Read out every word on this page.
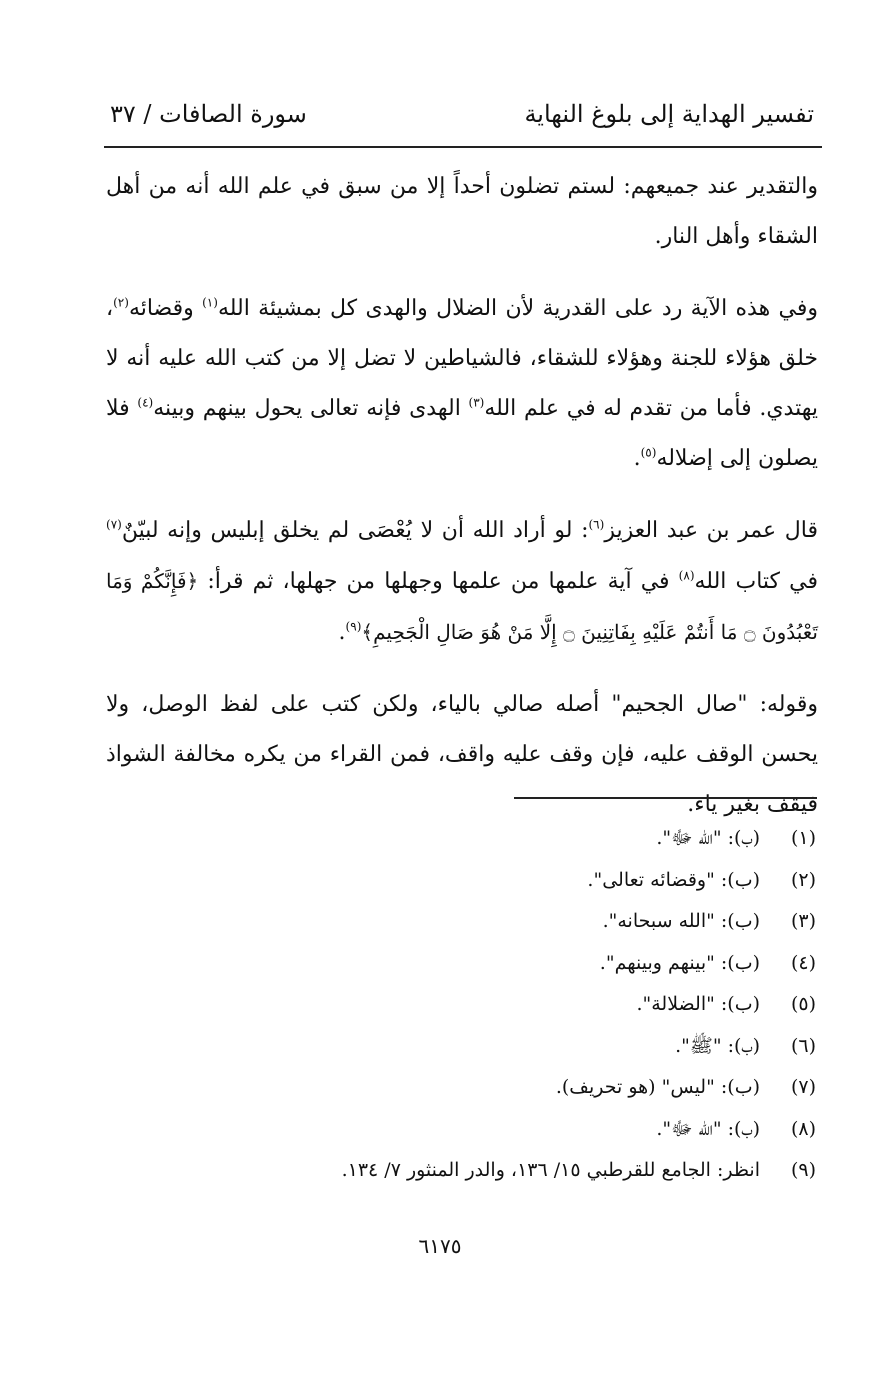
تفسير الهداية إلى بلوغ النهاية
سورة الصافات / ٣٧

والتقدير عند جميعهم: لستم تضلون أحداً إلا من سبق في علم الله أنه من أهل الشقاء وأهل النار.

وفي هذه الآية رد على القدرية لأن الضلال والهدى كل بمشيئة الله$^{(١)}$ وقضائه$^{(٢)}$، خلق هؤلاء للجنة وهؤلاء للشقاء، فالشياطين لا تضل إلا من كتب الله عليه أنه لا يهتدي. فأما من تقدم له في علم الله$^{(٣)}$ الهدى فإنه تعالى يحول بينهم وبينه$^{(٤)}$ فلا يصلون إلى إضلاله$^{(٥)}$.

قال عمر بن عبد العزيز$^{(٦)}$: لو أراد الله أن لا يُعْصَى لم يخلق إبليس وإنه لبيّنٌ$^{(٧)}$ في كتاب الله$^{(٨)}$ في آية علمها من علمها وجهلها من جهلها، ثم قرأ: ﴿فَإِنَّكُمْ وَمَا تَعْبُدُونَ ۝ مَا أَنتُمْ عَلَيْهِ بِفَاتِنِينَ ۝ إِلَّا مَنْ هُوَ صَالِ الْجَحِيمِ﴾$^{(٩)}$.

وقوله: "صال الجحيم" أصله صالي بالياء، ولكن كتب على لفظ الوصل، ولا يحسن الوقف عليه، فإن وقف عليه واقف، فمن القراء من يكره مخالفة الشواذ فيقف بغير ياء.

(١)
(ب): "الله ﷻ".
(٢)
(ب): "وقضائه تعالى".
(٣)
(ب): "الله سبحانه".
(٤)
(ب): "بينهم وبينهم".
(٥)
(ب): "الضلالة".
(٦)
(ب): "ﷺ".
(٧)
(ب): "ليس" (هو تحريف).
(٨)
(ب): "الله ﷻ".
(٩)
انظر: الجامع للقرطبي ١٥/ ١٣٦، والدر المنثور ٧/ ١٣٤.
٦١٧٥
